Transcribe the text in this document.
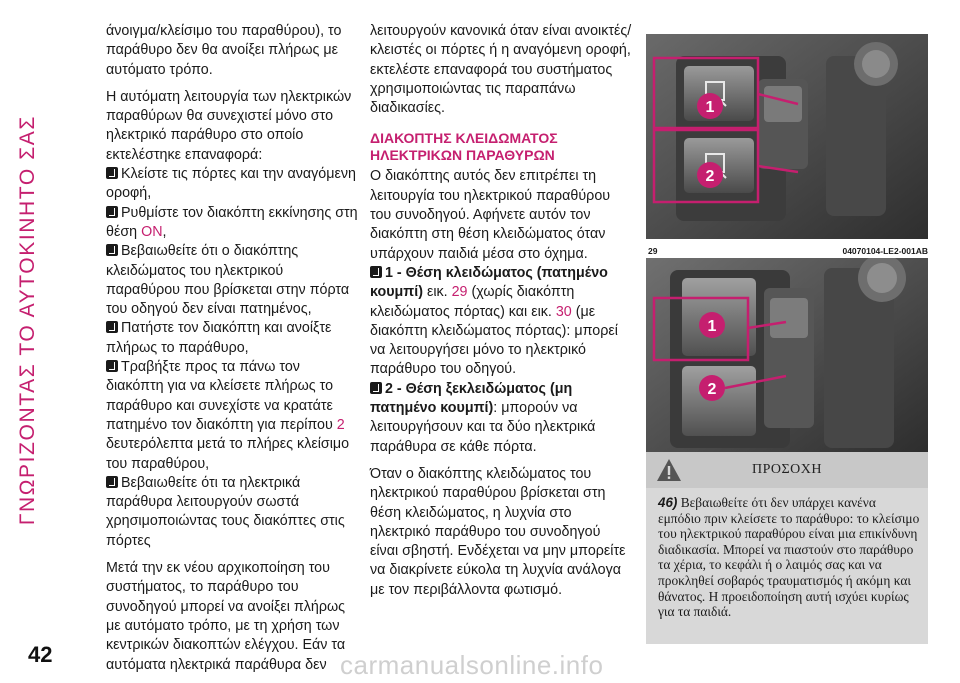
ΓΝΩΡΙΖΟΝΤΑΣ ΤΟ ΑΥΤΟΚΙΝΗΤΟ ΣΑΣ

άνοιγμα/κλείσιμο του παραθύρου), το παράθυρο δεν θα ανοίξει πλήρως με αυτόματο τρόπο.

Η αυτόματη λειτουργία των ηλεκτρικών παραθύρων θα συνεχιστεί μόνο στο ηλεκτρικό παράθυρο στο οποίο εκτελέστηκε επαναφορά:

Κλείστε τις πόρτες και την αναγόμενη οροφή,
Ρυθμίστε τον διακόπτη εκκίνησης στη θέση ON,
Βεβαιωθείτε ότι ο διακόπτης κλειδώματος του ηλεκτρικού παραθύρου που βρίσκεται στην πόρτα του οδηγού δεν είναι πατημένος,
Πατήστε τον διακόπτη και ανοίξτε πλήρως το παράθυρο,
Τραβήξτε προς τα πάνω τον διακόπτη για να κλείσετε πλήρως το παράθυρο και συνεχίστε να κρατάτε πατημένο τον διακόπτη για περίπου 2 δευτερόλεπτα μετά το πλήρες κλείσιμο του παραθύρου,
Βεβαιωθείτε ότι τα ηλεκτρικά παράθυρα λειτουργούν σωστά χρησιμοποιώντας τους διακόπτες στις πόρτες

Μετά την εκ νέου αρχικοποίηση του συστήματος, το παράθυρο του συνοδηγού μπορεί να ανοίξει πλήρως με αυτόματο τρόπο, με τη χρήση των κεντρικών διακοπτών ελέγχου. Εάν τα αυτόματα ηλεκτρικά παράθυρα δεν

λειτουργούν κανονικά όταν είναι ανοικτές/κλειστές οι πόρτες ή η αναγόμενη οροφή, εκτελέστε επαναφορά του συστήματος χρησιμοποιώντας τις παραπάνω διαδικασίες.

ΔΙΑΚΟΠΤΗΣ ΚΛΕΙΔΩΜΑΤΟΣ ΗΛΕΚΤΡΙΚΩΝ ΠΑΡΑΘΥΡΩΝ

Ο διακόπτης αυτός δεν επιτρέπει τη λειτουργία του ηλεκτρικού παραθύρου του συνοδηγού. Αφήνετε αυτόν τον διακόπτη στη θέση κλειδώματος όταν υπάρχουν παιδιά μέσα στο όχημα.

1 - Θέση κλειδώματος (πατημένο κουμπί) εικ. 29 (χωρίς διακόπτη κλειδώματος πόρτας) και εικ. 30 (με διακόπτη κλειδώματος πόρτας): μπορεί να λειτουργήσει μόνο το ηλεκτρικό παράθυρο του οδηγού.
2 - Θέση ξεκλειδώματος (μη πατημένο κουμπί): μπορούν να λειτουργήσουν και τα δύο ηλεκτρικά παράθυρα σε κάθε πόρτα.

Όταν ο διακόπτης κλειδώματος του ηλεκτρικού παραθύρου βρίσκεται στη θέση κλειδώματος, η λυχνία στο ηλεκτρικό παράθυρο του συνοδηγού είναι σβηστή. Ενδέχεται να μην μπορείτε να διακρίνετε εύκολα τη λυχνία ανάλογα με τον περιβάλλοντα φωτισμό.

1
2
29	04070104-LE2-001AB
1
2
ΠΡΟΣΟΧΗ
46) Βεβαιωθείτε ότι δεν υπάρχει κανένα εμπόδιο πριν κλείσετε το παράθυρο: το κλείσιμο του ηλεκτρικού παραθύρου είναι μια επικίνδυνη διαδικασία. Μπορεί να πιαστούν στο παράθυρο τα χέρια, το κεφάλι ή ο λαιμός σας και να προκληθεί σοβαρός τραυματισμός ή ακόμη και θάνατος. Η προειδοποίηση αυτή ισχύει κυρίως για τα παιδιά.
42	carmanualsonline.info
